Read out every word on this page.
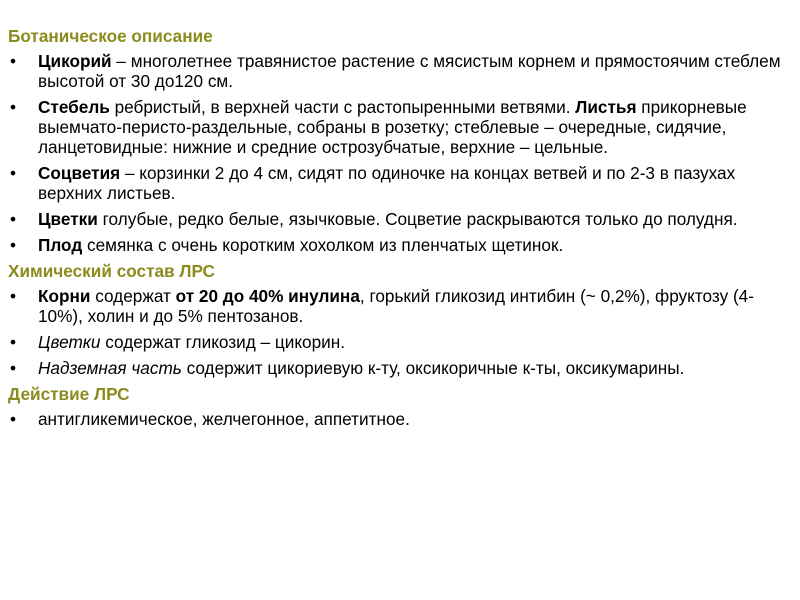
Ботаническое описание
• Цикорий – многолетнее травянистое растение с мясистым корнем и прямостоячим стеблем высотой от 30 до120 см.
• Стебель ребристый, в верхней части с растопыренными ветвями. Листья прикорневые выемчато-перисто-раздельные, собраны в розетку; стеблевые – очередные, сидячие, ланцетовидные: нижние и средние острозубчатые, верхние – цельные.
• Соцветия – корзинки 2 до 4 см, сидят по одиночке на концах ветвей и по 2-3 в пазухах верхних листьев.
• Цветки голубые, редко белые, язычковые. Соцветие раскрываются только до полудня.
• Плод семянка с очень коротким хохолком из пленчатых щетинок.
Химический состав ЛРС
• Корни содержат от 20 до 40% инулина, горький гликозид интибин (~ 0,2%), фруктозу (4-10%), холин и до 5% пентозанов.
• Цветки содержат гликозид – цикорин.
• Надземная часть содержит цикориевую к-ту, оксикоричные к-ты, оксикумарины.
Действие ЛРС
• антигликемическое, желчегонное, аппетитное.
